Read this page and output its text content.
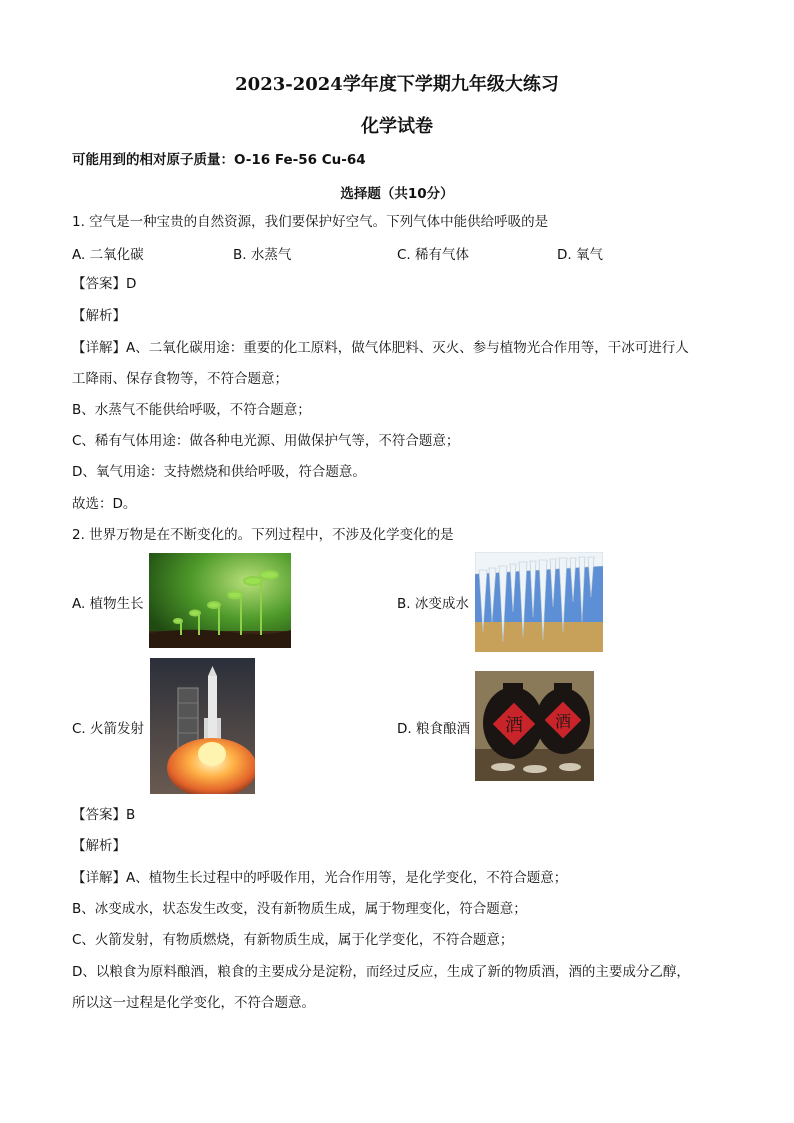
2023-2024学年度下学期九年级大练习
化学试卷
可能用到的相对原子质量：O-16 Fe-56 Cu-64
选择题（共10分）
1. 空气是一种宝贵的自然资源，我们要保护好空气。下列气体中能供给呼吸的是
A. 二氧化碳	B. 水蒸气	C. 稀有气体	D. 氧气
【答案】D
【解析】
【详解】A、二氧化碳用途：重要的化工原料，做气体肥料、灭火、参与植物光合作用等，干冰可进行人
工降雨、保存食物等，不符合题意；
B、水蒸气不能供给呼吸，不符合题意；
C、稀有气体用途：做各种电光源、用做保护气等，不符合题意；
D、氧气用途：支持燃烧和供给呼吸，符合题意。
故选：D。
2. 世界万物是在不断变化的。下列过程中，不涉及化学变化的是
A. 植物生长	B. 冰变成水
C. 火箭发射	D. 粮食酿酒 酒 酒
【答案】B
【解析】
【详解】A、植物生长过程中的呼吸作用，光合作用等，是化学变化，不符合题意；
B、冰变成水，状态发生改变，没有新物质生成，属于物理变化，符合题意；
C、火箭发射，有物质燃烧，有新物质生成，属于化学变化，不符合题意；
D、以粮食为原料酿酒，粮食的主要成分是淀粉，而经过反应，生成了新的物质酒，酒的主要成分乙醇，
所以这一过程是化学变化，不符合题意。
